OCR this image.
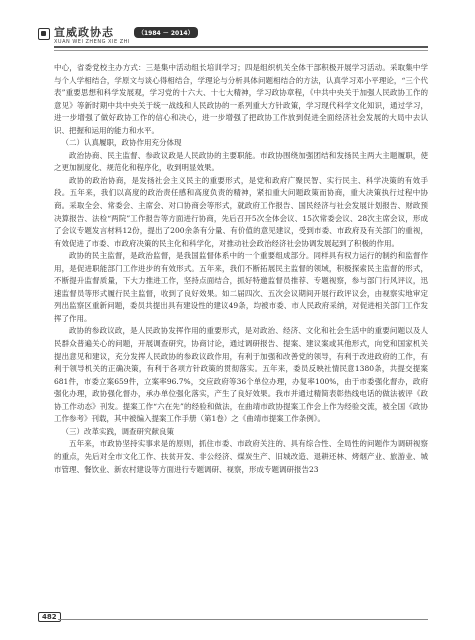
宣威政协志	（1984 － 2014）
XUAN WEI ZHENG XIE ZHI

中心，省委党校主办方式：三是集中活动组长培训学习；四是组织机关全体干部积极开展学习活动。采取集中学与个人学相结合，学原文与谈心得相结合，学理论与分析具体问题相结合的方法，认真学习邓小平理论，“三个代表”重要思想和科学发展观，学习党的十六大、十七大精神，学习政协章程，《中共中央关于加强人民政协工作的意见》等新时期中共中央关于统一战线和人民政协的一系列重大方针政策，学习现代科学文化知识，通过学习，进一步增强了做好政协工作的信心和决心，进一步增强了把政协工作放到促进全面经济社会发展的大局中去认识、把握和运用的能力和水平。

（二）认真履职，政协作用充分体现

政治协商、民主监督、参政议政是人民政协的主要职能。市政协围绕加强团结和发扬民主两大主题履职，使之更加制度化、规范化和程序化，收到明显效果。

政协的政治协商，是发扬社会主义民主的重要形式，是党和政府广聚民智、实行民主、科学决策的有效手段。五年来，我们以高度的政治责任感和高度负责的精神，紧扣重大问题政策而协商，重大决策执行过程中协商。采取全会、常委会、主席会、对口协商会等形式，就政府工作报告、国民经济与社会发展计划报告、财政预决算报告、法检“两院”工作报告等方面进行协商，先后召开5次全体会议、15次常委会议、28次主席会议，形成了会议专题发言材料12份，提出了200余条有分量、有价值的意见建议，受到市委、市政府及有关部门的重视，有效促进了市委、市政府决策的民主化和科学化，对推动社会政治经济社会协调发展起到了积极的作用。

政协的民主监督，是政治监督，是我国监督体系中的一个重要组成部分。同样具有权力运行的制约和监督作用，是促进职能部门工作进步的有效形式。五年来，我们不断拓展民主监督的领域，积极探索民主监督的形式，不断提升监督质量，下大力推进工作，坚持点面结合，抓好特邀监督员推荐、专题视察，参与部门行风评议，迅速监督员等形式履行民主监督，收到了良好效果。如二届四次、五次会议期间开展行政评议会，由视察实地审定列出监察区重新问题，委员共提出具有建设性的建议49条，均被市委、市人民政府采纳，对促进相关部门工作发挥了作用。

政协的参政议政，是人民政协发挥作用的重要形式，是对政治、经济、文化和社会生活中的重要问题以及人民群众普遍关心的问题，开展调查研究，协商讨论，通过调研报告、提案、建议案或其他形式，向党和国家机关提出意见和建议，充分发挥人民政协的参政议政作用，有利于加强和改善党的领导，有利于改进政府的工作，有利于领导机关的正确决策，有利于各项方针政策的贯彻落实。五年来，委员反映社情民意1380条，共提交提案681件，市委立案659件，立案率96.7%，交应政府等36个单位办理，办复率100%，由于市委强化督办，政府强化办理，政协强化督办，承办单位强化落实，产生了良好效果。我市并通过精简表彰热线电话的做法被评《政协工作动态》刊发。提案工作“六在先”的经验和做法，在曲靖市政协提案工作会上作为经验交流，被全国《政协工作参考》刊载，其中被编入提案工作手册（第1卷）之《曲靖市提案工作条例》。

（三）改革实践，调查研究献良策

五年来，市政协坚持实事求是的原则，抓住市委、市政府关注的、具有综合性、全局性的问题作为调研视察的重点，先后对全市文化工作、扶贫开发、非公经济、煤炭生产、旧城改造、退耕还林、烤烟产业、旅游业、城市管理、餐饮业、新农村建设等方面进行专题调研、视察，形成专题调研报告23

482
